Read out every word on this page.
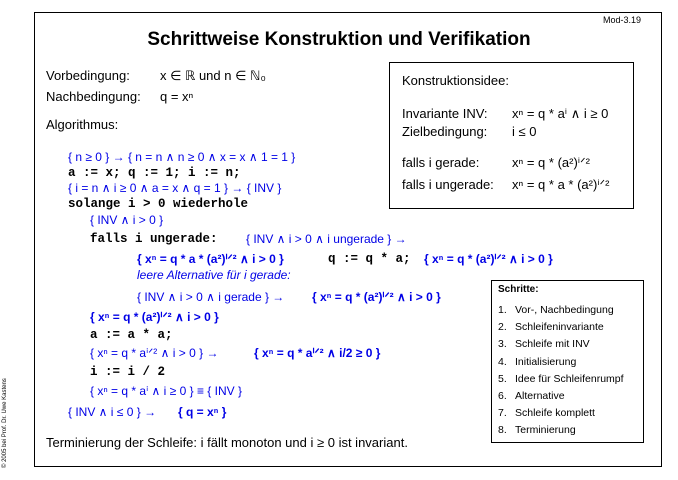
Mod-3.19
Schrittweise Konstruktion und Verifikation
© 2005 bei Prof. Dr. Uwe Kastens
Vorbedingung: x ∈ ℝ und n ∈ ℕ₀
Nachbedingung: q = xⁿ
Algorithmus:
Konstruktionsidee:
Invariante INV: xⁿ = q * aⁱ ∧ i ≥ 0
Zielbedingung: i ≤ 0
falls i gerade:	xⁿ = q * (a²)ⁱᐟ²
falls i ungerade: xⁿ = q * a * (a²)ⁱᐟ²
{ n ≥ 0 } → { n = n ∧ n ≥ 0 ∧ x = x ∧ 1 = 1 }
a := x; q := 1; i := n;
{ i = n ∧ i ≥ 0 ∧ a = x ∧ q = 1 } → { INV }
solange i > 0 wiederhole
{ INV ∧ i > 0 }
falls i ungerade: { INV ∧ i > 0 ∧ i ungerade } →
{ xⁿ = q * a * (a²)ⁱᐟ² ∧ i > 0 }	q := q * a; { xⁿ = q * (a²)ⁱᐟ² ∧ i > 0 }
leere Alternative für i gerade:
{ INV ∧ i > 0 ∧ i gerade } → { xⁿ = q * (a²)ⁱᐟ² ∧ i > 0 }
{ xⁿ = q * (a²)ⁱᐟ² ∧ i > 0 }
a := a * a;
{ xⁿ = q * aⁱᐟ² ∧ i > 0 } →	{ xⁿ = q * aⁱᐟ² ∧ i/2 ≥ 0 }
i := i / 2
{ xⁿ = q * aⁱ ∧ i ≥ 0 } ≡ { INV }
{ INV ∧ i ≤ 0 } → { q = xⁿ }
Terminierung der Schleife: i fällt monoton und i ≥ 0 ist invariant.
Schritte:
1. Vor-, Nachbedingung
2. Schleifeninvariante
3. Schleife mit INV
4. Initialisierung
5. Idee für Schleifenrumpf
6. Alternative
7. Schleife komplett
8. Terminierung
